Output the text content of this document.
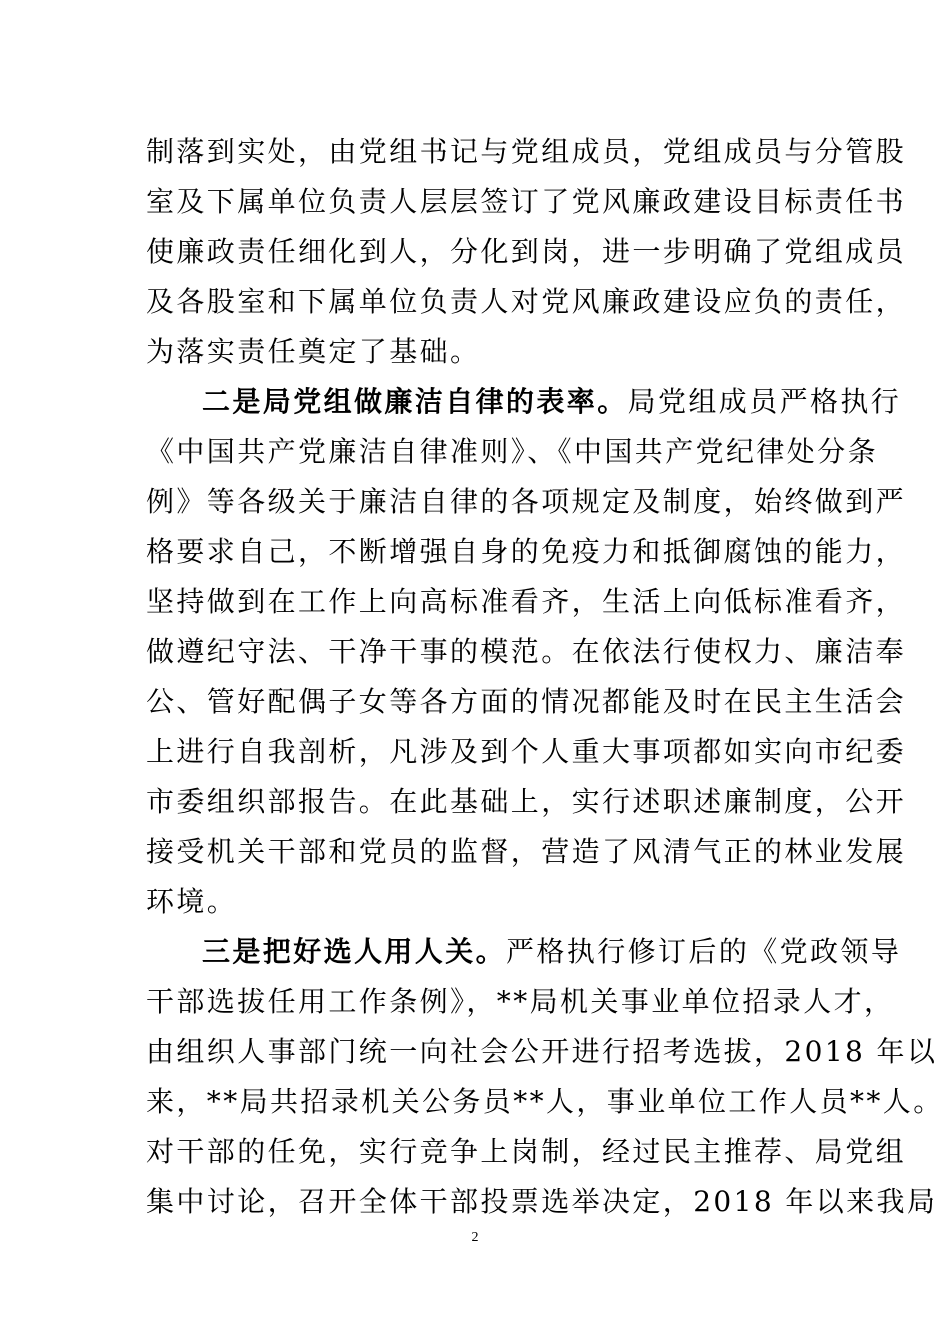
制落到实处，由党组书记与党组成员，党组成员与分管股
室及下属单位负责人层层签订了党风廉政建设目标责任书
使廉政责任细化到人，分化到岗，进一步明确了党组成员
及各股室和下属单位负责人对党风廉政建设应负的责任，
为落实责任奠定了基础。
二是局党组做廉洁自律的表率。局党组成员严格执行
《中国共产党廉洁自律准则》、《中国共产党纪律处分条
例》等各级关于廉洁自律的各项规定及制度，始终做到严
格要求自己，不断增强自身的免疫力和抵御腐蚀的能力，
坚持做到在工作上向高标准看齐，生活上向低标准看齐，
做遵纪守法、干净干事的模范。在依法行使权力、廉洁奉
公、管好配偶子女等各方面的情况都能及时在民主生活会
上进行自我剖析，凡涉及到个人重大事项都如实向市纪委
市委组织部报告。在此基础上，实行述职述廉制度，公开
接受机关干部和党员的监督，营造了风清气正的林业发展
环境。
三是把好选人用人关。严格执行修订后的《党政领导
干部选拔任用工作条例》，**局机关事业单位招录人才，
由组织人事部门统一向社会公开进行招考选拔，2018 年以
来，**局共招录机关公务员**人，事业单位工作人员**人。
对干部的任免，实行竞争上岗制，经过民主推荐、局党组
集中讨论，召开全体干部投票选举决定，2018 年以来我局
2
